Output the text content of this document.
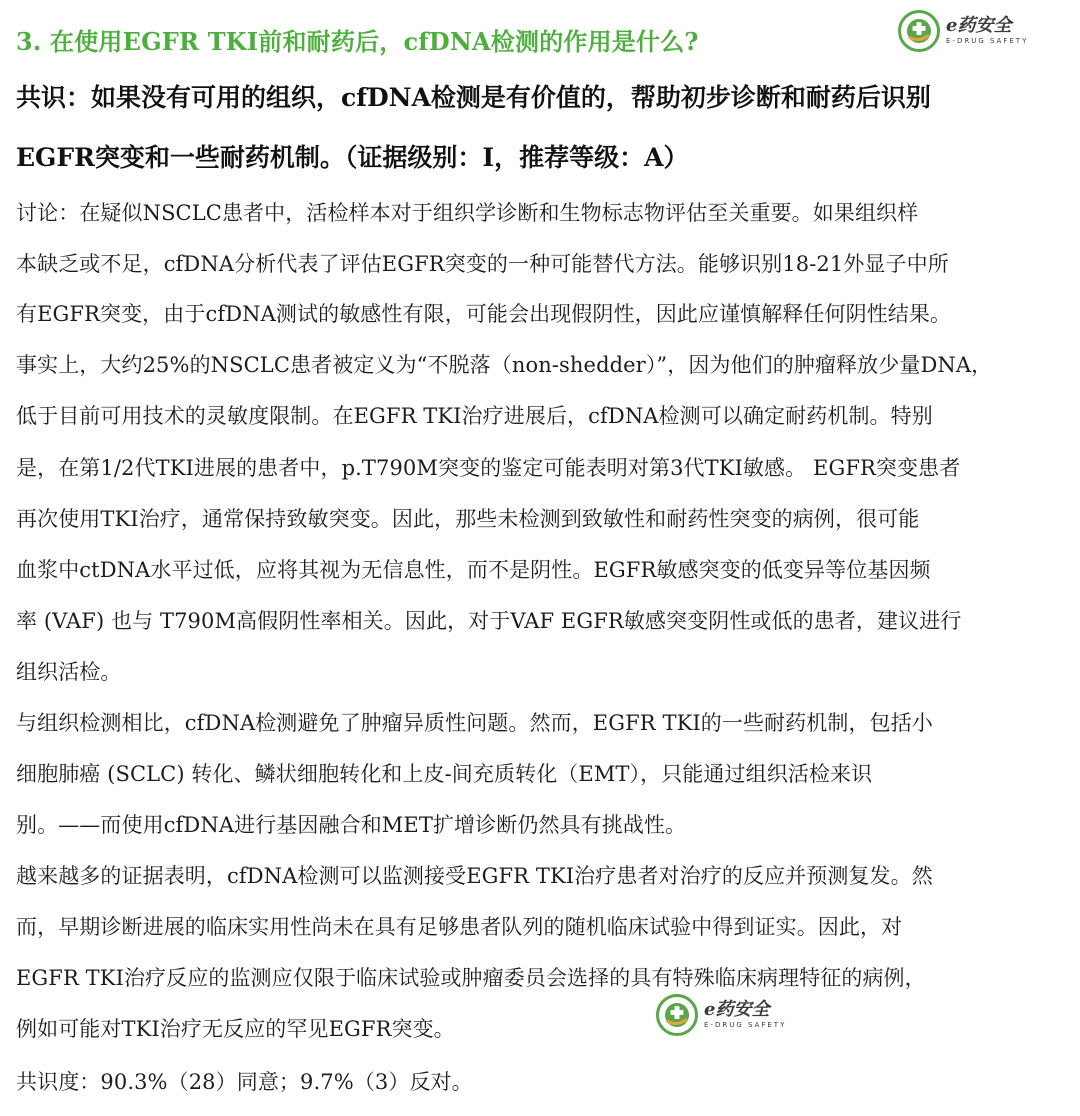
3. 在使用EGFR TKI前和耐药后，cfDNA检测的作用是什么?
e药安全
E-DRUG SAFETY
共识：如果没有可用的组织，cfDNA检测是有价值的，帮助初步诊断和耐药后识别
EGFR突变和一些耐药机制。（证据级别：I，推荐等级：A）
讨论：在疑似NSCLC患者中，活检样本对于组织学诊断和生物标志物评估至关重要。如果组织样
本缺乏或不足，cfDNA分析代表了评估EGFR突变的一种可能替代方法。能够识别18-21外显子中所
有EGFR突变，由于cfDNA测试的敏感性有限，可能会出现假阴性，因此应谨慎解释任何阴性结果。
事实上，大约25%的NSCLC患者被定义为“不脱落（non-shedder）”，因为他们的肿瘤释放少量DNA，
低于目前可用技术的灵敏度限制。在EGFR TKI治疗进展后，cfDNA检测可以确定耐药机制。特别
是，在第1/2代TKI进展的患者中，p.T790M突变的鉴定可能表明对第3代TKI敏感。 EGFR突变患者
再次使用TKI治疗，通常保持致敏突变。因此，那些未检测到致敏性和耐药性突变的病例，很可能
血浆中ctDNA水平过低，应将其视为无信息性，而不是阴性。EGFR敏感突变的低变异等位基因频
率 (VAF) 也与 T790M高假阴性率相关。因此，对于VAF EGFR敏感突变阴性或低的患者，建议进行
组织活检。
与组织检测相比，cfDNA检测避免了肿瘤异质性问题。然而，EGFR TKI的一些耐药机制，包括小
细胞肺癌 (SCLC) 转化、鳞状细胞转化和上皮-间充质转化（EMT），只能通过组织活检来识
别。——而使用cfDNA进行基因融合和MET扩增诊断仍然具有挑战性。
越来越多的证据表明，cfDNA检测可以监测接受EGFR TKI治疗患者对治疗的反应并预测复发。然
而，早期诊断进展的临床实用性尚未在具有足够患者队列的随机临床试验中得到证实。因此，对
EGFR TKI治疗反应的监测应仅限于临床试验或肿瘤委员会选择的具有特殊临床病理特征的病例，
例如可能对TKI治疗无反应的罕见EGFR突变。
共识度：90.3%（28）同意；9.7%（3）反对。
e药安全
E-DRUG SAFETY
